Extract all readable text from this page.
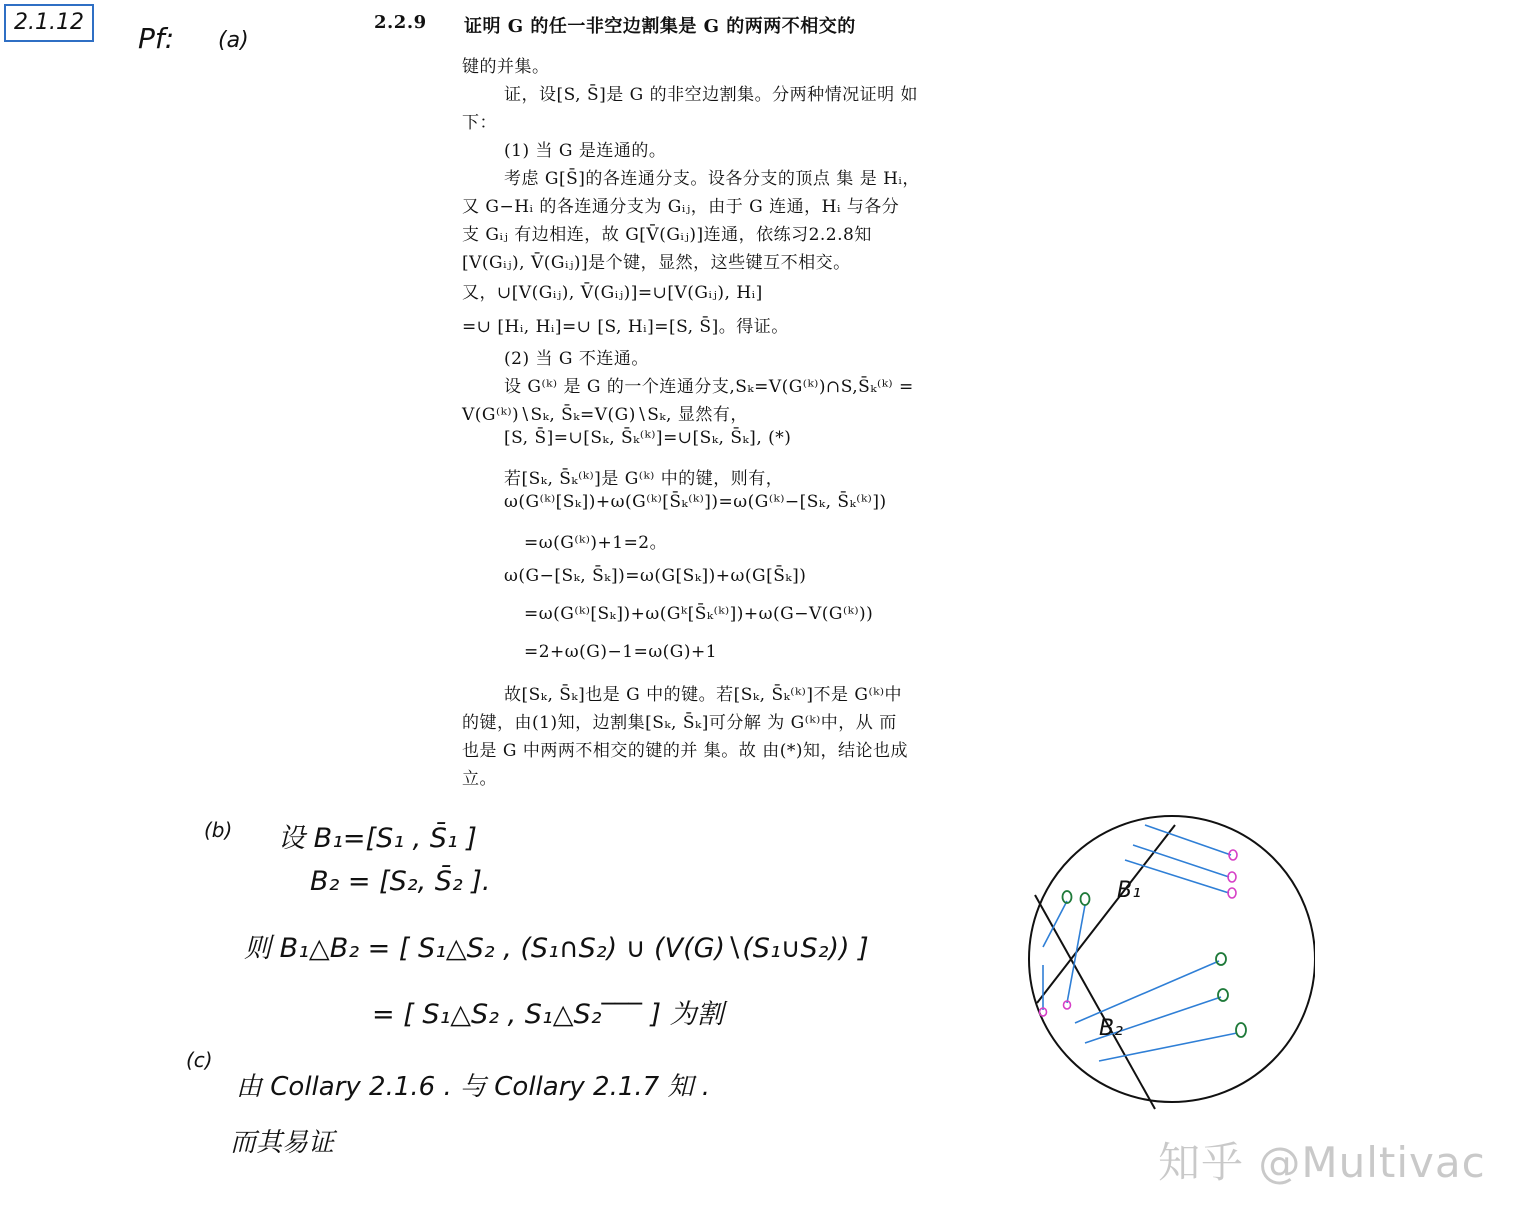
2.1.12	Pf: (a)
2.2.9 证明 G 的任一非空边割集是 G 的两两不相交的
键的并集。
证，设[S, S̄]是 G 的非空边割集。分两种情况证明 如
下：
(1) 当 G 是连通的。
考虑 G[S̄]的各连通分支。设各分支的顶点 集 是 Hᵢ，
又 G−Hᵢ 的各连通分支为 Gᵢⱼ，由于 G 连通，Hᵢ 与各分
支 Gᵢⱼ 有边相连，故 G[V̄(Gᵢⱼ)]连通，依练习2.2.8知
[V(Gᵢⱼ), V̄(Gᵢⱼ)]是个键，显然，这些键互不相交。
又，∪[V(Gᵢⱼ), V̄(Gᵢⱼ)]=∪[V(Gᵢⱼ), Hᵢ]
=∪ [Hᵢ, Hᵢ]=∪ [S, Hᵢ]=[S, S̄]。得证。
(2) 当 G 不连通。
设 G⁽ᵏ⁾ 是 G 的一个连通分支,Sₖ=V(G⁽ᵏ⁾)∩S,S̄ₖ⁽ᵏ⁾ =
V(G⁽ᵏ⁾)∖Sₖ, S̄ₖ=V(G)∖Sₖ, 显然有，
[S, S̄]=∪[Sₖ, S̄ₖ⁽ᵏ⁾]=∪[Sₖ, S̄ₖ], (*)
若[Sₖ, S̄ₖ⁽ᵏ⁾]是 G⁽ᵏ⁾ 中的键，则有，
ω(G⁽ᵏ⁾[Sₖ])+ω(G⁽ᵏ⁾[S̄ₖ⁽ᵏ⁾])=ω(G⁽ᵏ⁾−[Sₖ, S̄ₖ⁽ᵏ⁾])
=ω(G⁽ᵏ⁾)+1=2。
ω(G−[Sₖ, S̄ₖ])=ω(G[Sₖ])+ω(G[S̄ₖ])
=ω(G⁽ᵏ⁾[Sₖ])+ω(Gᵏ[S̄ₖ⁽ᵏ⁾])+ω(G−V(G⁽ᵏ⁾))
=2+ω(G)−1=ω(G)+1
故[Sₖ, S̄ₖ]也是 G 中的键。若[Sₖ, S̄ₖ⁽ᵏ⁾]不是 G⁽ᵏ⁾中
的键，由(1)知，边割集[Sₖ, S̄ₖ]可分解 为 G⁽ᵏ⁾中，从 而
也是 G 中两两不相交的键的并 集。故 由(*)知，结论也成
立。
(b) 设 B₁=[S₁ , S̄₁ ]
B₂ = [S₂, S̄₂ ].
则 B₁△B₂ = [ S₁△S₂ , (S₁∩S₂) ∪ (V(G)∖(S₁∪S₂)) ]
= [ S₁△S₂ , S₁△S₂‾‾‾ ] 为割
(c)
由 Collary 2.1.6 . 与 Collary 2.1.7 知 .
而其易证
B₁
B₂
知乎 @Multivac
